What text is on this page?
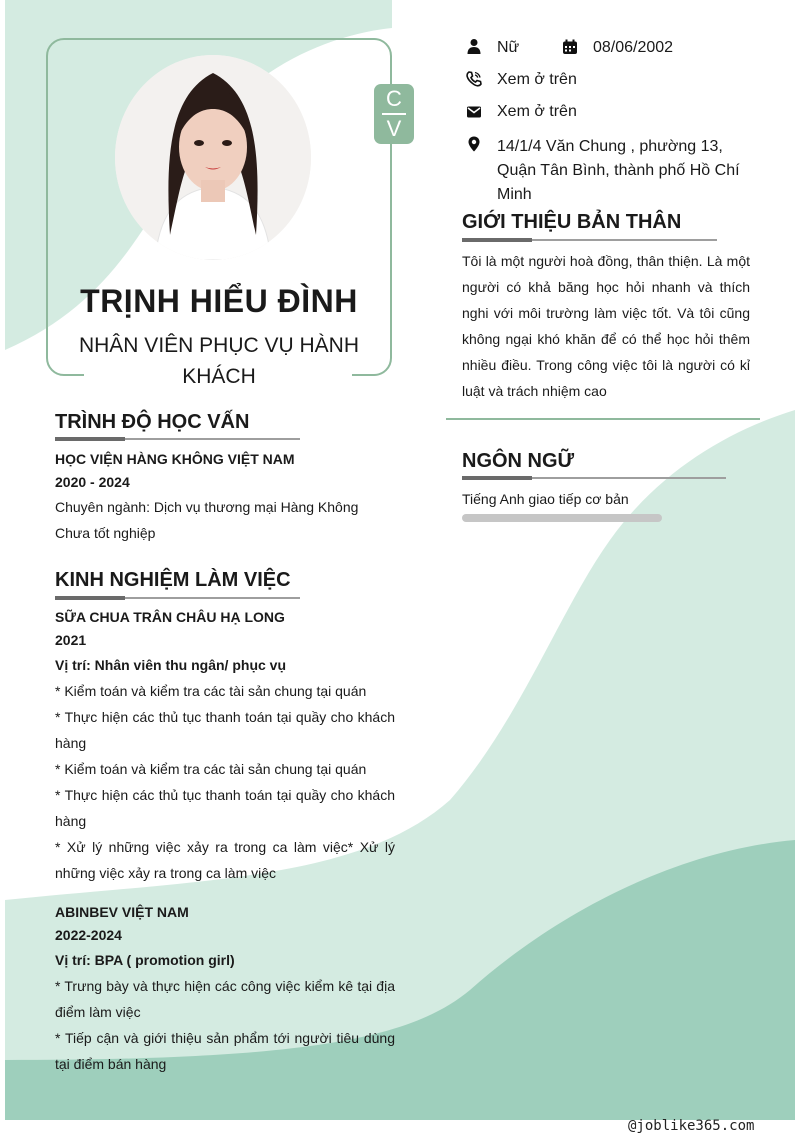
C
V
TRỊNH HIỂU ĐÌNH
NHÂN VIÊN PHỤC VỤ HÀNH KHÁCH
Nữ	08/06/2002
Xem ở trên
Xem ở trên
14/1/4 Văn Chung , phường 13, Quận Tân Bình, thành phố Hồ Chí Minh
GIỚI THIỆU BẢN THÂN
Tôi là một người hoà đồng, thân thiện. Là một người có khả băng học hỏi nhanh và thích nghi với môi trường làm việc tốt. Và tôi cũng không ngại khó khăn để có thể học hỏi thêm nhiều điều. Trong công việc tôi là người có kỉ luật và trách nhiệm cao
NGÔN NGỮ
Tiếng Anh giao tiếp cơ bản
TRÌNH ĐỘ HỌC VẤN
HỌC VIỆN HÀNG KHÔNG VIỆT NAM
2020 - 2024
Chuyên ngành: Dịch vụ thương mại Hàng Không
Chưa tốt nghiệp
KINH NGHIỆM LÀM VIỆC
SỮA CHUA TRÂN CHÂU HẠ LONG
2021
Vị trí: Nhân viên thu ngân/ phục vụ
* Kiểm toán và kiểm tra các tài sản chung tại quán
* Thực hiện các thủ tục thanh toán tại quầy cho khách hàng
* Kiểm toán và kiểm tra các tài sản chung tại quán
* Thực hiện các thủ tục thanh toán tại quầy cho khách hàng
* Xử lý những việc xảy ra trong ca làm việc* Xử lý những việc xảy ra trong ca làm việc
ABINBEV VIỆT NAM
2022-2024
Vị trí: BPA ( promotion girl)
* Trưng bày và thực hiện các công việc kiểm kê tại địa điểm làm việc
* Tiếp cận và giới thiệu sản phẩm tới người tiêu dùng tại điểm bán hàng
@joblike365.com
